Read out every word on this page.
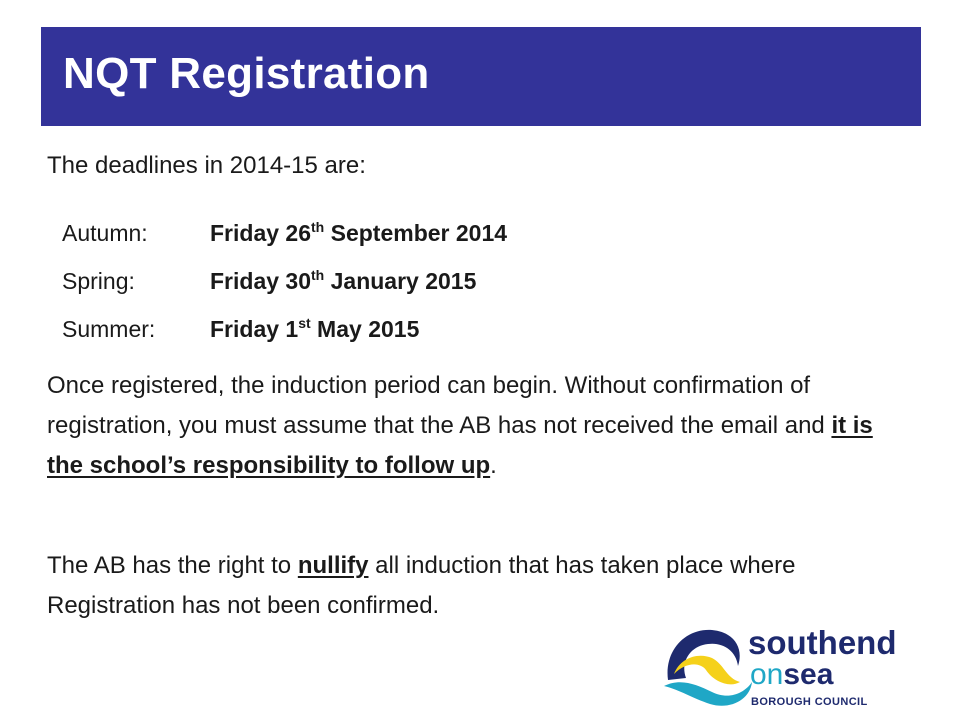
NQT Registration
The deadlines in 2014-15 are:
Autumn:	Friday 26th September 2014
Spring:	Friday 30th January 2015
Summer: Friday 1st May 2015
Once registered, the induction period can begin. Without confirmation of registration, you must assume that the AB has not received the email and it is the school’s responsibility to follow up.
The AB has the right to nullify all induction that has taken place where Registration has not been confirmed.
southend
onsea
BOROUGH COUNCIL
